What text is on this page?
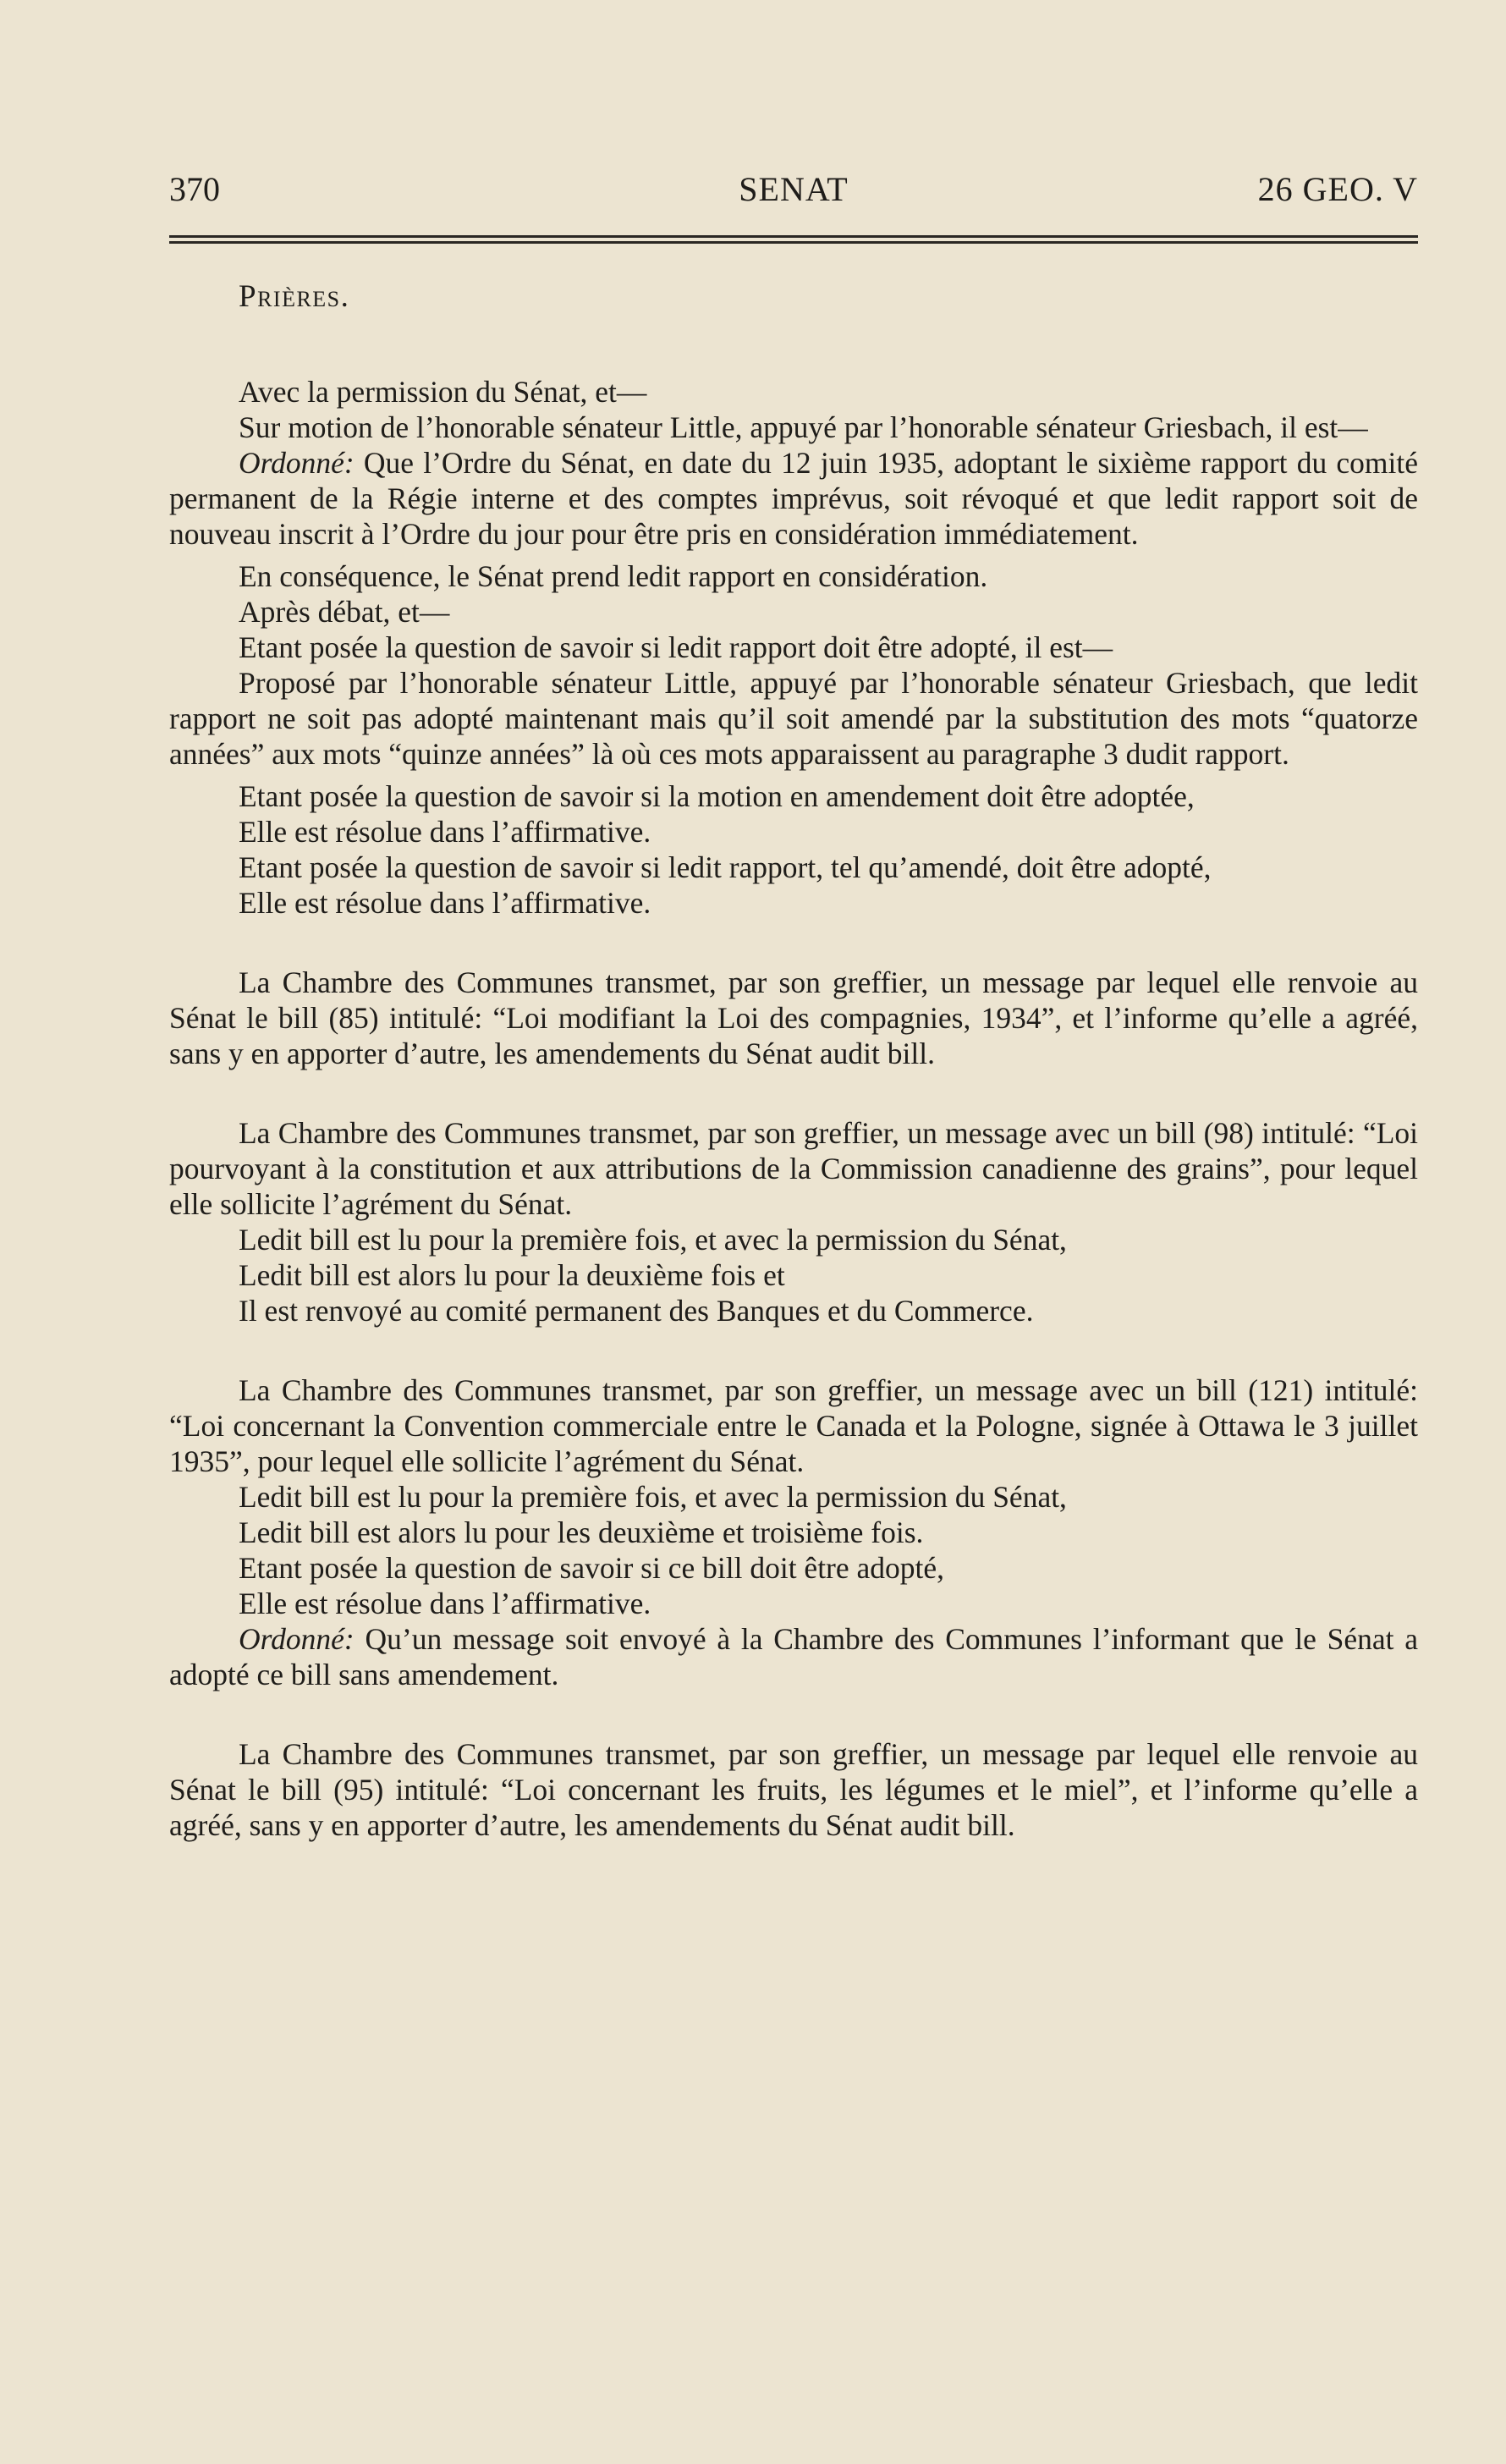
370	SENAT	26 GEO. V
Prières.

Avec la permission du Sénat, et—

Sur motion de l’honorable sénateur Little, appuyé par l’honorable sénateur Griesbach, il est—

Ordonné: Que l’Ordre du Sénat, en date du 12 juin 1935, adoptant le sixième rapport du comité permanent de la Régie interne et des comptes imprévus, soit révoqué et que ledit rapport soit de nouveau inscrit à l’Ordre du jour pour être pris en considération immédiatement.

En conséquence, le Sénat prend ledit rapport en considération.

Après débat, et—

Etant posée la question de savoir si ledit rapport doit être adopté, il est—

Proposé par l’honorable sénateur Little, appuyé par l’honorable sénateur Griesbach, que ledit rapport ne soit pas adopté maintenant mais qu’il soit amendé par la substitution des mots “quatorze années” aux mots “quinze années” là où ces mots apparaissent au paragraphe 3 dudit rapport.

Etant posée la question de savoir si la motion en amendement doit être adoptée,

Elle est résolue dans l’affirmative.

Etant posée la question de savoir si ledit rapport, tel qu’amendé, doit être adopté,

Elle est résolue dans l’affirmative.

La Chambre des Communes transmet, par son greffier, un message par lequel elle renvoie au Sénat le bill (85) intitulé: “Loi modifiant la Loi des compagnies, 1934”, et l’informe qu’elle a agréé, sans y en apporter d’autre, les amendements du Sénat audit bill.

La Chambre des Communes transmet, par son greffier, un message avec un bill (98) intitulé: “Loi pourvoyant à la constitution et aux attributions de la Commission canadienne des grains”, pour lequel elle sollicite l’agrément du Sénat.

Ledit bill est lu pour la première fois, et avec la permission du Sénat,

Ledit bill est alors lu pour la deuxième fois et

Il est renvoyé au comité permanent des Banques et du Commerce.

La Chambre des Communes transmet, par son greffier, un message avec un bill (121) intitulé: “Loi concernant la Convention commerciale entre le Canada et la Pologne, signée à Ottawa le 3 juillet 1935”, pour lequel elle sollicite l’agrément du Sénat.

Ledit bill est lu pour la première fois, et avec la permission du Sénat,

Ledit bill est alors lu pour les deuxième et troisième fois.

Etant posée la question de savoir si ce bill doit être adopté,

Elle est résolue dans l’affirmative.

Ordonné: Qu’un message soit envoyé à la Chambre des Communes l’informant que le Sénat a adopté ce bill sans amendement.

La Chambre des Communes transmet, par son greffier, un message par lequel elle renvoie au Sénat le bill (95) intitulé: “Loi concernant les fruits, les légumes et le miel”, et l’informe qu’elle a agréé, sans y en apporter d’autre, les amendements du Sénat audit bill.
